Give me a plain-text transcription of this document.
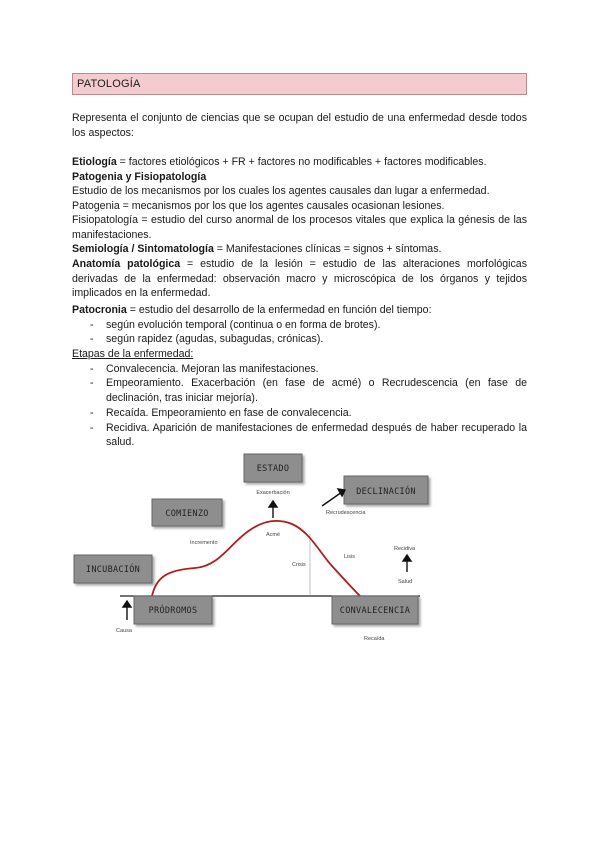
PATOLOGÍA
Representa el conjunto de ciencias que se ocupan del estudio de una enfermedad desde todos los aspectos:
Etiología = factores etiológicos + FR + factores no modificables + factores modificables.
Patogenia y Fisiopatología
Estudio de los mecanismos por los cuales los agentes causales dan lugar a enfermedad.
Patogenia = mecanismos por los que los agentes causales ocasionan lesiones.
Fisiopatología = estudio del curso anormal de los procesos vitales que explica la génesis de las manifestaciones.
Semiología / Sintomatología = Manifestaciones clínicas = signos + síntomas.
Anatomía patológica = estudio de la lesión = estudio de las alteraciones morfológicas derivadas de la enfermedad: observación macro y microscópica de los órganos y tejidos implicados en la enfermedad.
Patocronia = estudio del desarrollo de la enfermedad en función del tiempo:
- según evolución temporal (continua o en forma de brotes).
- según rapidez (agudas, subagudas, crónicas).
Etapas de la enfermedad:
- Convalecencia. Mejoran las manifestaciones.
- Empeoramiento. Exacerbación (en fase de acmé) o Recrudescencia (en fase de declinación, tras iniciar mejoría).
- Recaída. Empeoramiento en fase de convalecencia.
- Recidiva. Aparición de manifestaciones de enfermedad después de haber recuperado la salud.
ESTADO
DECLINACIÓN
COMIENZO
INCUBACIÓN
PRÓDROMOS	CONVALECENCIA
Exacerbación
Recrudescencia
Incremento
Acmé
Crisis
Lisis
Recidiva
Salud
Causa
Recaída
